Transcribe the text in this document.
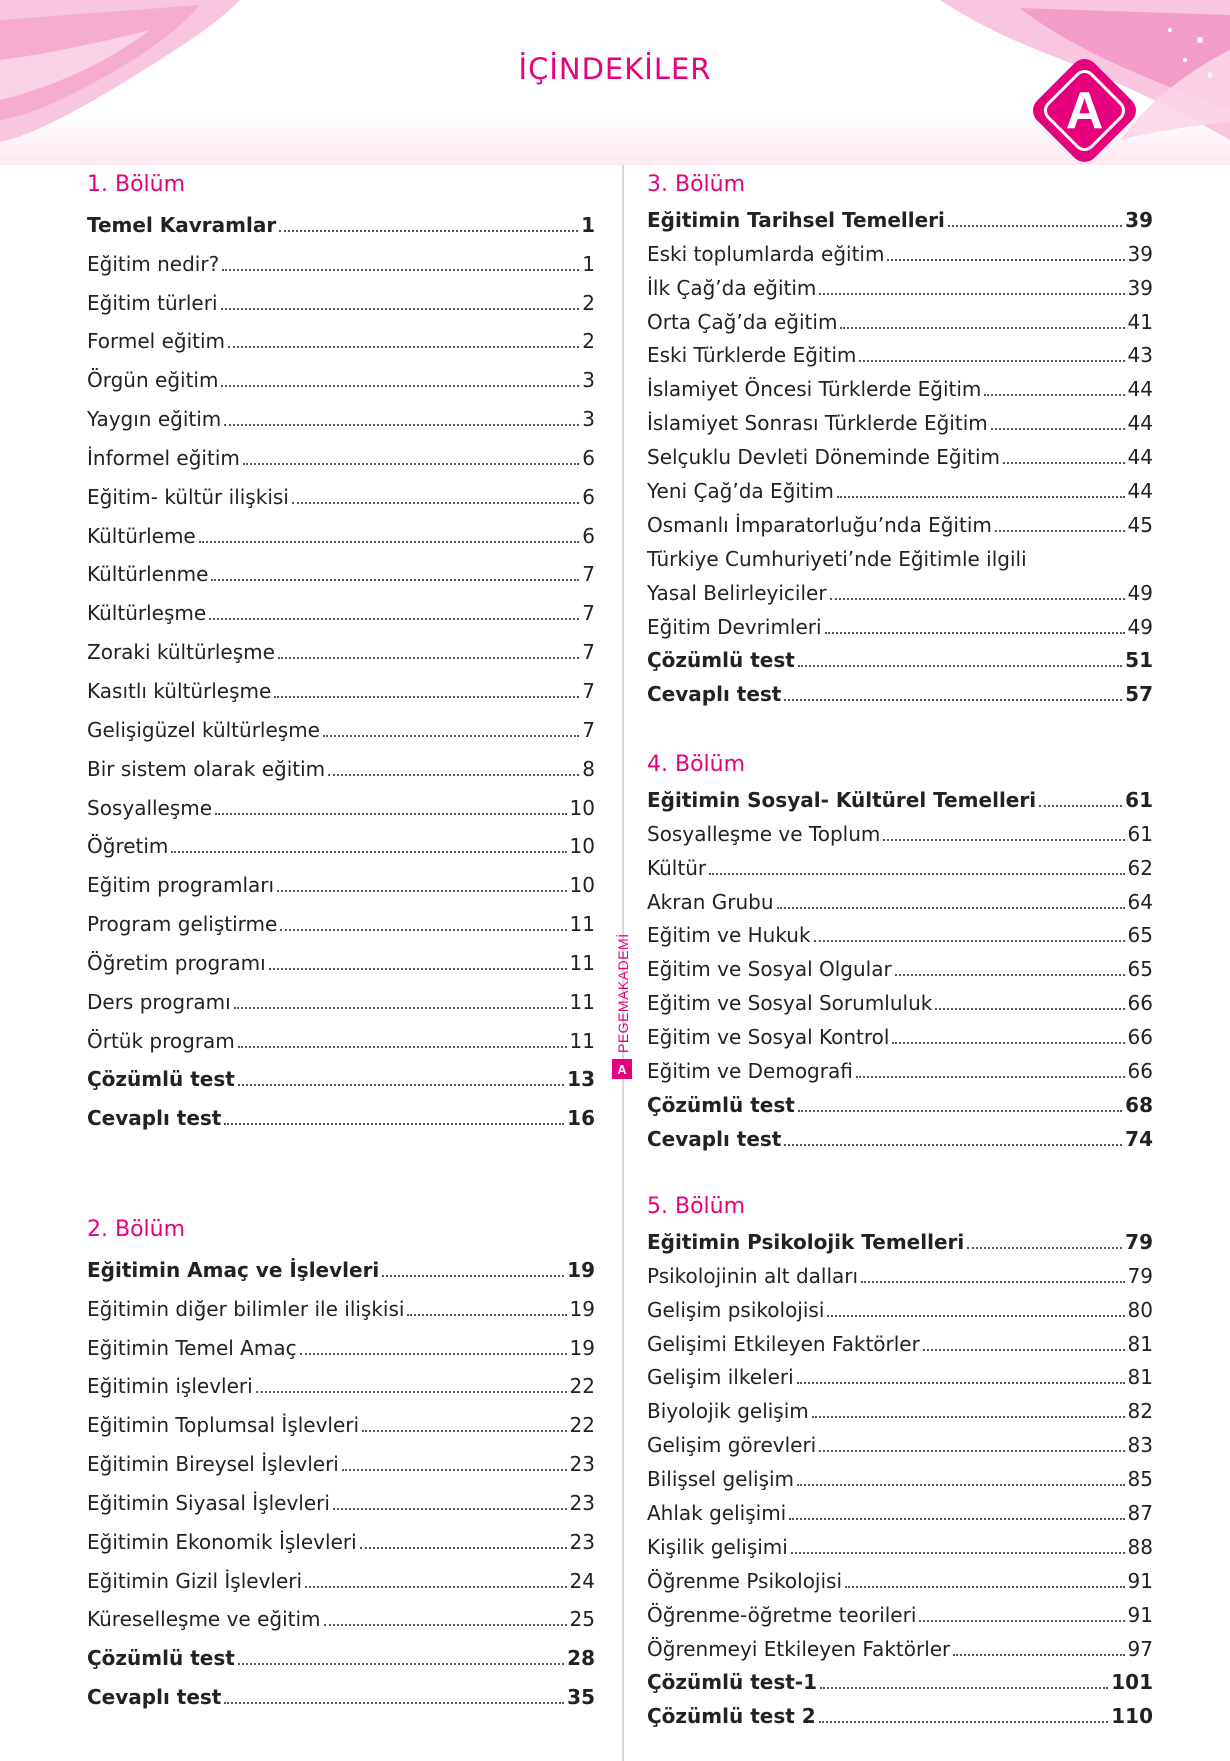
İÇİNDEKİLER
A
A
PEGEMAKADEMİ
1. Bölüm
Temel Kavramlar	1
Eğitim nedir?	1
Eğitim türleri	2
Formel eğitim	2
Örgün eğitim	3
Yaygın eğitim	3
İnformel eğitim	6
Eğitim- kültür ilişkisi	6
Kültürleme	6
Kültürlenme	7
Kültürleşme	7
Zoraki kültürleşme	7
Kasıtlı kültürleşme	7
Gelişigüzel kültürleşme	7
Bir sistem olarak eğitim	8
Sosyalleşme	10
Öğretim	10
Eğitim programları	10
Program geliştirme	11
Öğretim programı	11
Ders programı	11
Örtük program	11
Çözümlü test	13
Cevaplı test	16
2. Bölüm
Eğitimin Amaç ve İşlevleri	19
Eğitimin diğer bilimler ile ilişkisi	19
Eğitimin Temel Amaç	19
Eğitimin işlevleri	22
Eğitimin Toplumsal İşlevleri	22
Eğitimin Bireysel İşlevleri	23
Eğitimin Siyasal İşlevleri	23
Eğitimin Ekonomik İşlevleri	23
Eğitimin Gizil İşlevleri	24
Küreselleşme ve eğitim	25
Çözümlü test	28
Cevaplı test	35
3. Bölüm
Eğitimin Tarihsel Temelleri	39
Eski toplumlarda eğitim	39
İlk Çağ’da eğitim	39
Orta Çağ’da eğitim	41
Eski Türklerde Eğitim	43
İslamiyet Öncesi Türklerde Eğitim	44
İslamiyet Sonrası Türklerde Eğitim	44
Selçuklu Devleti Döneminde Eğitim	44
Yeni Çağ’da Eğitim	44
Osmanlı İmparatorluğu’nda Eğitim	45
Türkiye Cumhuriyeti’nde Eğitimle ilgili
Yasal Belirleyiciler	49
Eğitim Devrimleri	49
Çözümlü test	51
Cevaplı test	57
4. Bölüm
Eğitimin Sosyal- Kültürel Temelleri	61
Sosyalleşme ve Toplum	61
Kültür	62
Akran Grubu	64
Eğitim ve Hukuk	65
Eğitim ve Sosyal Olgular	65
Eğitim ve Sosyal Sorumluluk	66
Eğitim ve Sosyal Kontrol	66
Eğitim ve Demografi	66
Çözümlü test	68
Cevaplı test	74
5. Bölüm
Eğitimin Psikolojik Temelleri	79
Psikolojinin alt dalları	79
Gelişim psikolojisi	80
Gelişimi Etkileyen Faktörler	81
Gelişim ilkeleri	81
Biyolojik gelişim	82
Gelişim görevleri	83
Bilişsel gelişim	85
Ahlak gelişimi	87
Kişilik gelişimi	88
Öğrenme Psikolojisi	91
Öğrenme-öğretme teorileri	91
Öğrenmeyi Etkileyen Faktörler	97
Çözümlü test-1	101
Çözümlü test 2	110
